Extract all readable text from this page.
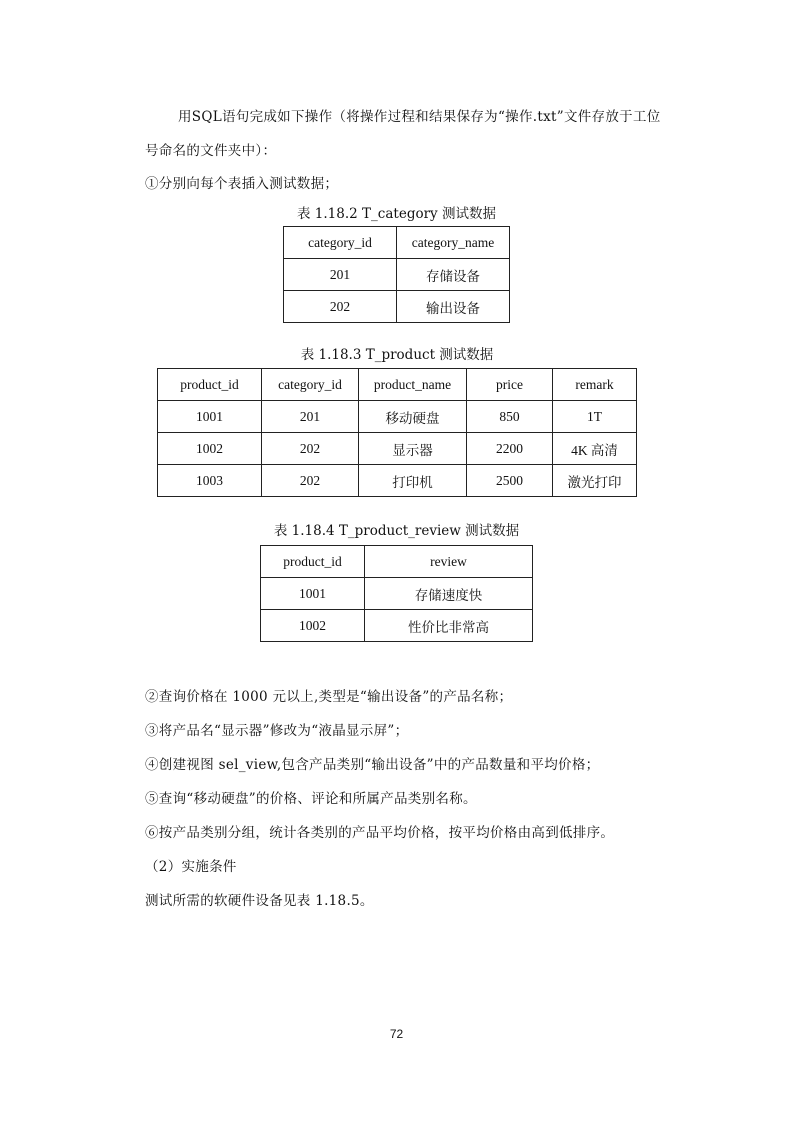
用SQL语句完成如下操作（将操作过程和结果保存为“操作.txt”文件存放于工位
号命名的文件夹中）：
①分别向每个表插入测试数据；
表 1.18.2 T_category 测试数据
category_id	category_name
201	存储设备
202	输出设备
表 1.18.3 T_product 测试数据
product_id	category_id	product_name	price	remark
1001	201	移动硬盘	850	1T
1002	202	显示器	2200	4K 高清
1003	202	打印机	2500	激光打印
表 1.18.4 T_product_review 测试数据
product_id	review
1001	存储速度快
1002	性价比非常高
②查询价格在 1000 元以上,类型是“输出设备”的产品名称；
③将产品名“显示器”修改为“液晶显示屏”；
④创建视图 sel_view,包含产品类别“输出设备”中的产品数量和平均价格；
⑤查询“移动硬盘”的价格、评论和所属产品类别名称。
⑥按产品类别分组，统计各类别的产品平均价格，按平均价格由高到低排序。
（2）实施条件
测试所需的软硬件设备见表 1.18.5。
72
